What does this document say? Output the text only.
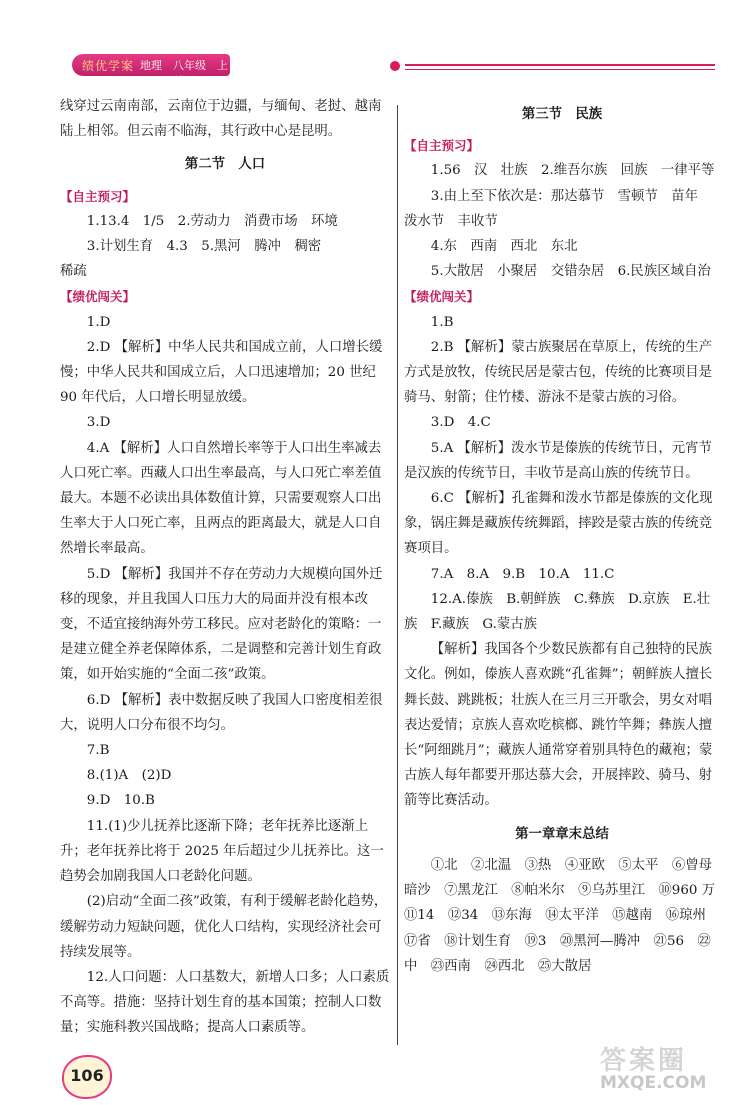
绩优学案 地理　八年级　上册　人教版

线穿过云南南部，云南位于边疆，与缅甸、老挝、越南陆上相邻。但云南不临海，其行政中心是昆明。

第二节　人口

【自主预习】

1.13.4　1/5　2.劳动力　消费市场　环境

3.计划生育　4.3　5.黑河　腾冲　稠密

稀疏

【绩优闯关】

1.D

2.D 【解析】中华人民共和国成立前，人口增长缓慢；中华人民共和国成立后，人口迅速增加；20 世纪 90 年代后，人口增长明显放缓。

3.D

4.A 【解析】人口自然增长率等于人口出生率减去人口死亡率。西藏人口出生率最高，与人口死亡率差值最大。本题不必读出具体数值计算，只需要观察人口出生率大于人口死亡率，且两点的距离最大，就是人口自然增长率最高。

5.D 【解析】我国并不存在劳动力大规模向国外迁移的现象，并且我国人口压力大的局面并没有根本改变，不适宜接纳海外劳工移民。应对老龄化的策略：一是建立健全养老保障体系，二是调整和完善计划生育政策，如开始实施的“全面二孩”政策。

6.D 【解析】表中数据反映了我国人口密度相差很大，说明人口分布很不均匀。

7.B

8.(1)A　(2)D

9.D　10.B

11.(1)少儿抚养比逐渐下降；老年抚养比逐渐上升；老年抚养比将于 2025 年后超过少儿抚养比。这一趋势会加剧我国人口老龄化问题。

(2)启动“全面二孩”政策，有利于缓解老龄化趋势，缓解劳动力短缺问题，优化人口结构，实现经济社会可持续发展等。

12.人口问题：人口基数大，新增人口多；人口素质不高等。措施：坚持计划生育的基本国策；控制人口数量；实施科教兴国战略；提高人口素质等。

第三节　民族

【自主预习】

1.56　汉　壮族　2.维吾尔族　回族　一律平等

3.由上至下依次是：那达慕节　雪顿节　苗年　泼水节　丰收节

4.东　西南　西北　东北

5.大散居　小聚居　交错杂居　6.民族区域自治

【绩优闯关】

1.B

2.B 【解析】蒙古族聚居在草原上，传统的生产方式是放牧，传统民居是蒙古包，传统的比赛项目是骑马、射箭；住竹楼、游泳不是蒙古族的习俗。

3.D　4.C

5.A 【解析】泼水节是傣族的传统节日，元宵节是汉族的传统节日，丰收节是高山族的传统节日。

6.C 【解析】孔雀舞和泼水节都是傣族的文化现象，锅庄舞是藏族传统舞蹈，摔跤是蒙古族的传统竞赛项目。

7.A　8.A　9.B　10.A　11.C

12.A.傣族　B.朝鲜族　C.彝族　D.京族　E.壮族　F.藏族　G.蒙古族

【解析】我国各个少数民族都有自己独特的民族文化。例如，傣族人喜欢跳“孔雀舞”；朝鲜族人擅长舞长鼓、跳跳板；壮族人在三月三开歌会，男女对唱表达爱情；京族人喜欢吃槟榔、跳竹竿舞；彝族人擅长“阿细跳月”；藏族人通常穿着别具特色的藏袍；蒙古族人每年都要开那达慕大会，开展摔跤、骑马、射箭等比赛活动。

第一章章末总结

①北　②北温　③热　④亚欧　⑤太平　⑥曾母暗沙　⑦黑龙江　⑧帕米尔　⑨乌苏里江　⑩960 万　⑪14　⑫34　⑬东海　⑭太平洋　⑮越南　⑯琼州　⑰省　⑱计划生育　⑲3　⑳黑河—腾冲　㉑56　㉒中　㉓西南　㉔西北　㉕大散居

106	答案圈
MXQE.COM
